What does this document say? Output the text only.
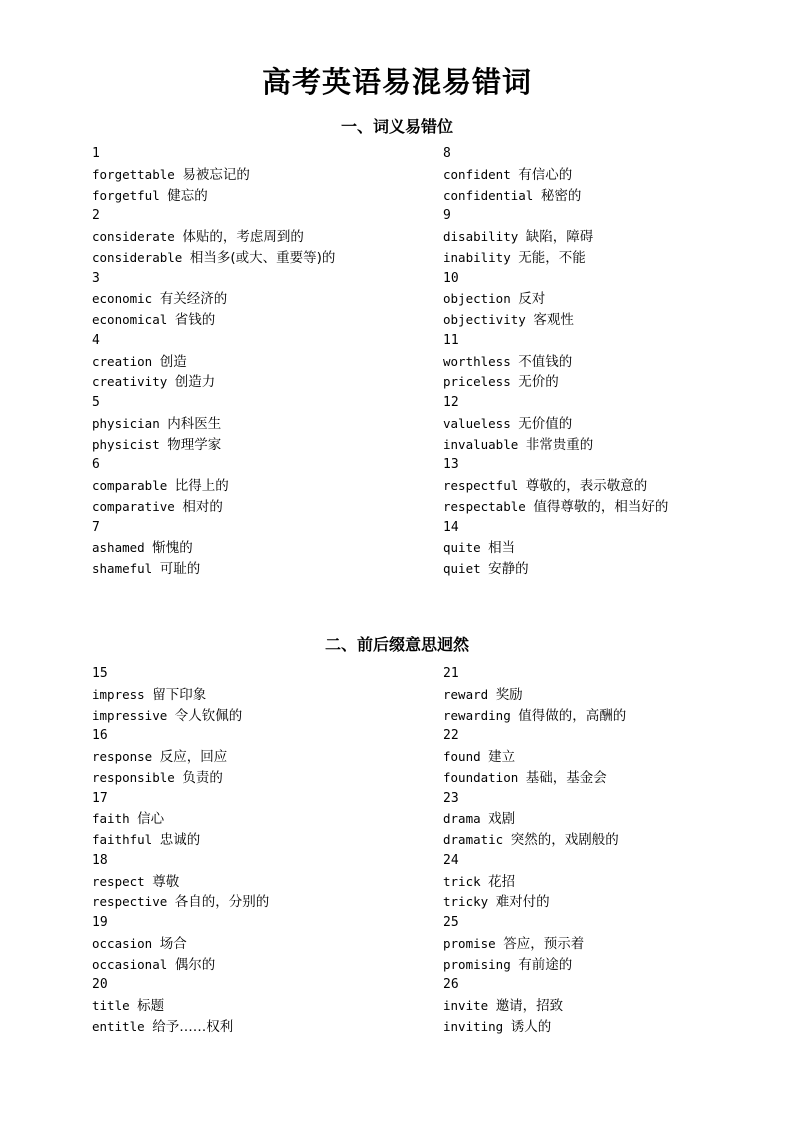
高考英语易混易错词
一、词义易错位
二、前后缀意思迥然
1
forgettable 易被忘记的
forgetful 健忘的
2
considerate 体贴的，考虑周到的
considerable 相当多(或大、重要等)的
3
economic 有关经济的
economical 省钱的
4
creation 创造
creativity 创造力
5
physician 内科医生
physicist 物理学家
6
comparable 比得上的
comparative 相对的
7
ashamed 惭愧的
shameful 可耻的
8
confident 有信心的
confidential 秘密的
9
disability 缺陷，障碍
inability 无能，不能
10
objection 反对
objectivity 客观性
11
worthless 不值钱的
priceless 无价的
12
valueless 无价值的
invaluable 非常贵重的
13
respectful 尊敬的，表示敬意的
respectable 值得尊敬的，相当好的
14
quite 相当
quiet 安静的
15
impress 留下印象
impressive 令人钦佩的
16
response 反应，回应
responsible 负责的
17
faith 信心
faithful 忠诚的
18
respect 尊敬
respective 各自的，分别的
19
occasion 场合
occasional 偶尔的
20
title 标题
entitle 给予……权利
21
reward 奖励
rewarding 值得做的，高酬的
22
found 建立
foundation 基础，基金会
23
drama 戏剧
dramatic 突然的，戏剧般的
24
trick 花招
tricky 难对付的
25
promise 答应，预示着
promising 有前途的
26
invite 邀请，招致
inviting 诱人的
